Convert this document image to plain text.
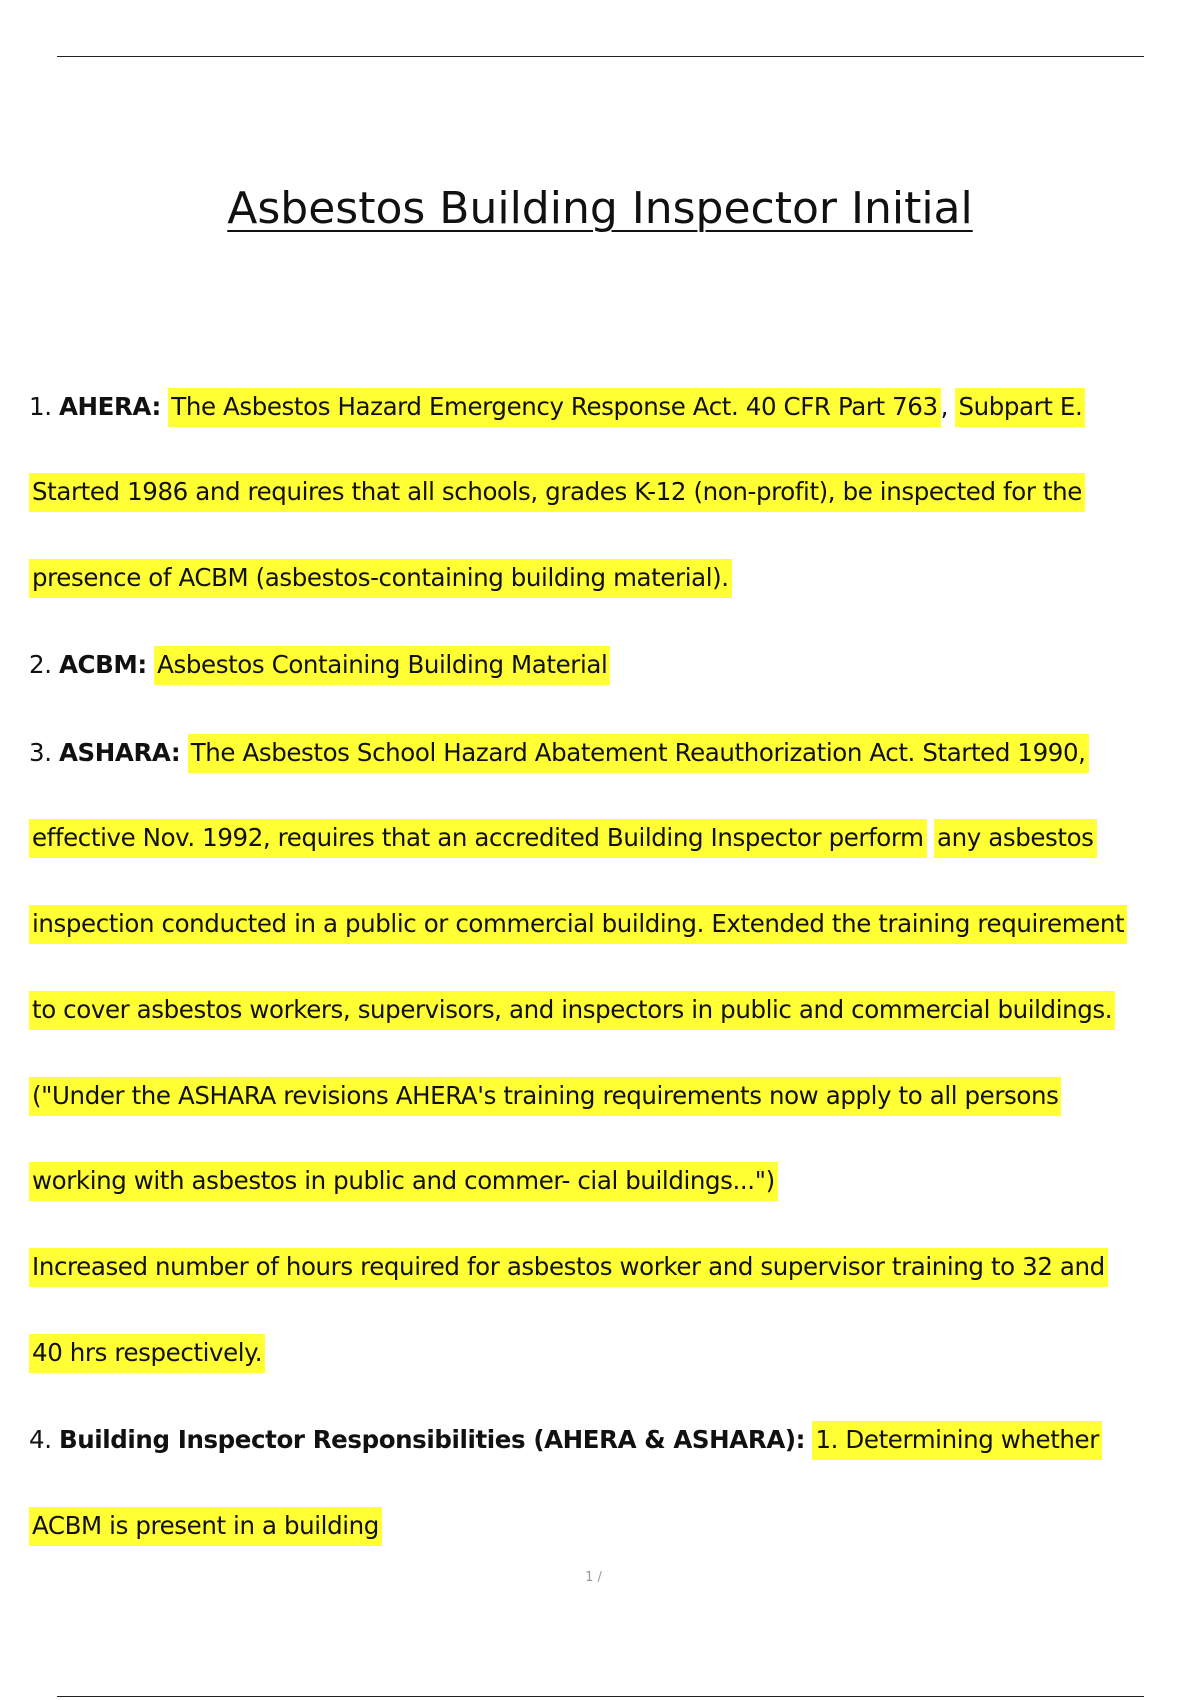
Asbestos Building Inspector Initial
1. AHERA: The Asbestos Hazard Emergency Response Act. 40 CFR Part 763 , Subpart E.
Started 1986 and requires that all schools, grades K-12 (non-profit), be inspected for the
presence of ACBM (asbestos-containing building material).
2. ACBM: Asbestos Containing Building Material
3. ASHARA: The Asbestos School Hazard Abatement Reauthorization Act. Started 1990,
effective Nov. 1992, requires that an accredited Building Inspector perform any asbestos
inspection conducted in a public or commercial building. Extended the training requirement
to cover asbestos workers, supervisors, and inspectors in public and commercial buildings.
("Under the ASHARA revisions AHERA's training requirements now apply to all persons
working with asbestos in public and commer- cial buildings...")
Increased number of hours required for asbestos worker and supervisor training to 32 and
40 hrs respectively.
4. Building Inspector Responsibilities (AHERA & ASHARA): 1. Determining whether
ACBM is present in a building
1 /
